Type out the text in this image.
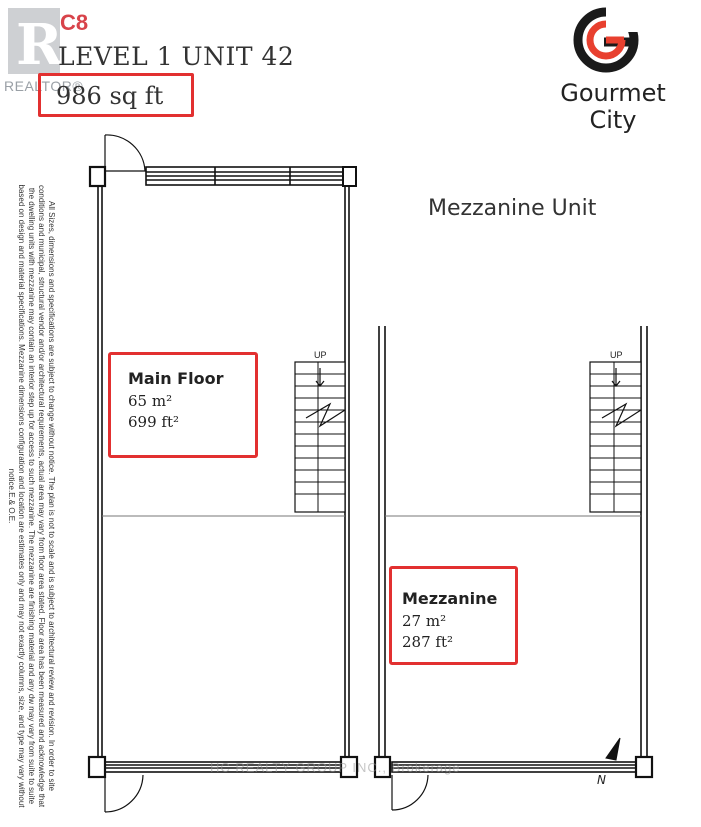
R
C8
REALTOR®
LEVEL 1 UNIT 42
986 sq ft	Gourmet
City
Mezzanine Unit
All Sizes, dimensions and specifications are subject to change without notice. The plan is not to scale and is subject to architectural review and revision. In order to site conditions and municipal, structural vendor and/or architectural requirements, actual area may vary from floor area stated. Floor area has been measured and acknowledge that the dwelling units with mezzanine may contain an interior step up for access to such mezzanine. The mezzanine are finishing material and any dw may vary from suite to suite based on design and material specifications. Mezzanine dimensions configuration and location are estimates only and may not exactly columns, size, and type may vary without notice.E.& O.E.
Main Floor
65 m²
699 ft²
Mezzanine
27 m²
287 ft²
UP	UP
HC REALTY GROUP INC., Brokerage
N
